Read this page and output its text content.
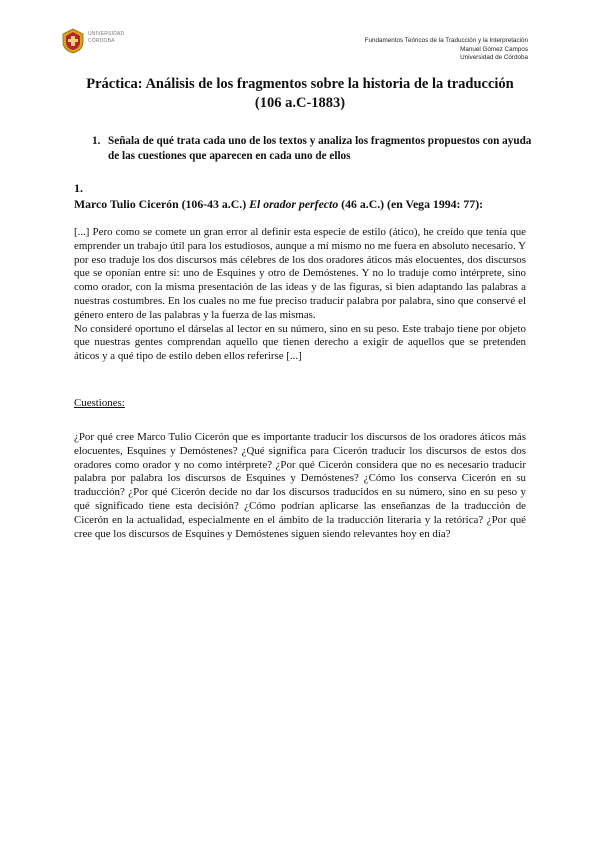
UNIVERSIDAD
CÓRDOBA	Fundamentos Teóricos de la Traducción y la Interpretación
Manuel Gómez Campos
Universidad de Córdoba
Práctica: Análisis de los fragmentos sobre la historia de la traducción
(106 a.C-1883)
1. Señala de qué trata cada uno de los textos y analiza los fragmentos propuestos con ayuda de las cuestiones que aparecen en cada uno de ellos
1.
Marco Tulio Cicerón (106-43 a.C.) El orador perfecto (46 a.C.) (en Vega 1994: 77):

[...] Pero como se comete un gran error al definir esta especie de estilo (ático), he creído que tenía que emprender un trabajo útil para los estudiosos, aunque a mí mismo no me fuera en absoluto necesario. Y por eso traduje los dos discursos más célebres de los dos oradores áticos más elocuentes, dos discursos que se oponían entre sí: uno de Esquines y otro de Demóstenes. Y no lo traduje como intérprete, sino como orador, con la misma presentación de las ideas y de las figuras, si bien adaptando las palabras a nuestras costumbres. En los cuales no me fue preciso traducir palabra por palabra, sino que conservé el género entero de las palabras y la fuerza de las mismas.

No consideré oportuno el dárselas al lector en su número, sino en su peso. Este trabajo tiene por objeto que nuestras gentes comprendan aquello que tienen derecho a exigir de aquellos que se pretenden áticos y a qué tipo de estilo deben ellos referirse [...]

Cuestiones:

¿Por qué cree Marco Tulio Cicerón que es importante traducir los discursos de los oradores áticos más elocuentes, Esquines y Demóstenes? ¿Qué significa para Cicerón traducir los discursos de estos dos oradores como orador y no como intérprete? ¿Por qué Cicerón considera que no es necesario traducir palabra por palabra los discursos de Esquines y Demóstenes? ¿Cómo los conserva Cicerón en su traducción? ¿Por qué Cicerón decide no dar los discursos traducidos en su número, sino en su peso y qué significado tiene esta decisión? ¿Cómo podrían aplicarse las enseñanzas de la traducción de Cicerón en la actualidad, especialmente en el ámbito de la traducción literaria y la retórica? ¿Por qué cree que los discursos de Esquines y Demóstenes siguen siendo relevantes hoy en día?
